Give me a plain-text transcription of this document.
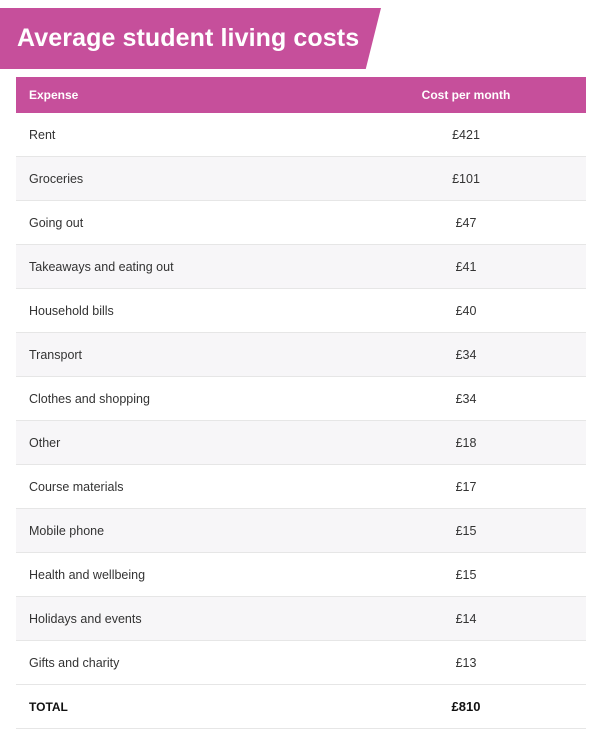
Average student living costs
Expense	Cost per month
Rent	£421
Groceries	£101
Going out	£47
Takeaways and eating out	£41
Household bills	£40
Transport	£34
Clothes and shopping	£34
Other	£18
Course materials	£17
Mobile phone	£15
Health and wellbeing	£15
Holidays and events	£14
Gifts and charity	£13
TOTAL	£810
